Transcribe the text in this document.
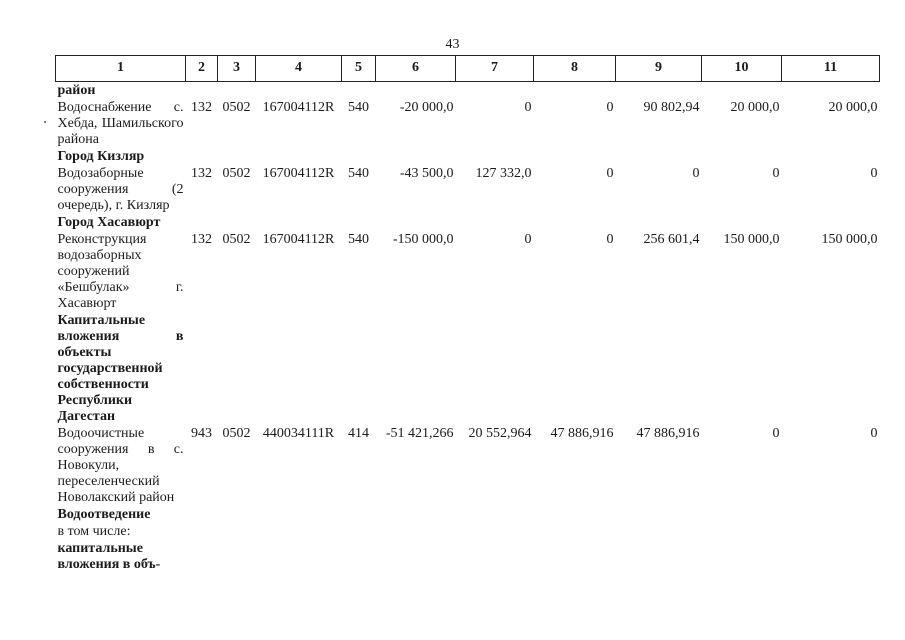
43
1	2	3	4	5	6	7	8	9	10	11
район										
Водоснабжение с. Хебда, Шамильского района	132	0502	167004112R	540	-20 000,0	0	0	90 802,94	20 000,0	20 000,0
Город Кизляр										
Водозаборные сооружения (2 очередь), г. Кизляр	132	0502	167004112R	540	-43 500,0	127 332,0	0	0	0	0
Город Хасавюрт										
Реконструкция водозаборных сооружений «Бешбулак» г. Хасавюрт	132	0502	167004112R	540	-150 000,0	0	0	256 601,4	150 000,0	150 000,0
Капитальные вложения в объекты государственной собственности Республики Дагестан										
Водоочистные сооружения в с. Новокули, переселенческий Новолакский район	943	0502	440034111R	414	-51 421,266	20 552,964	47 886,916	47 886,916	0	0
Водоотведение										
в том числе:										
капитальные вложения в объ-										
